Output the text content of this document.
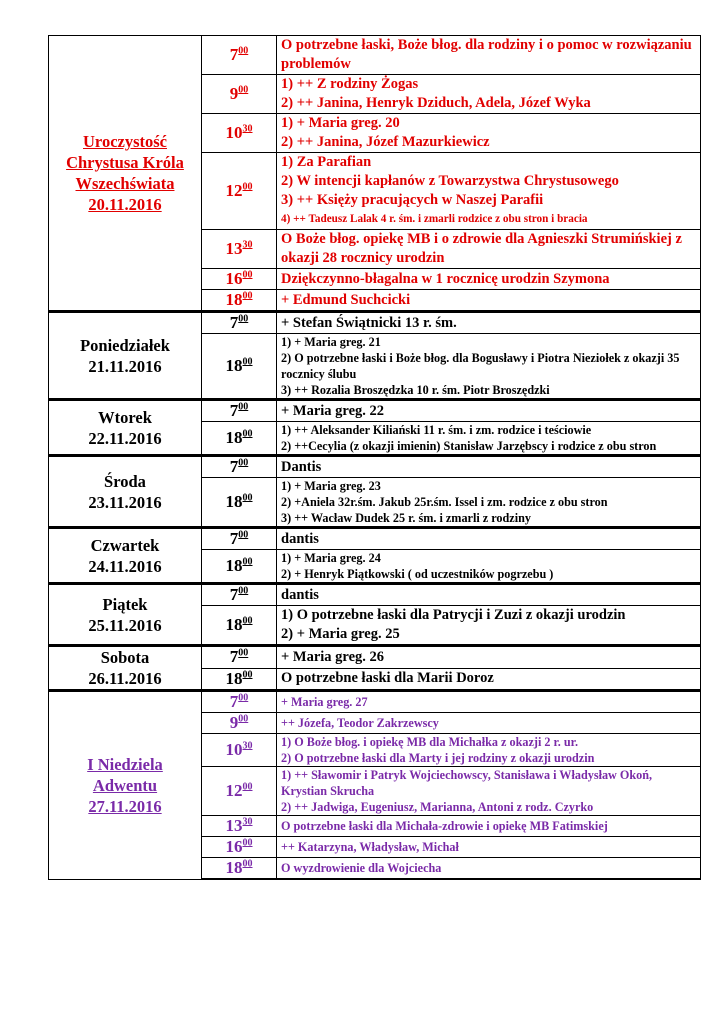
Uroczystość
Chrystusa Króla
Wszechświata
20.11.2016	$7^{00}$	O potrzebne łaski, Boże błog. dla rodziny i o pomoc w rozwiązaniu problemów

	$9^{00}$	1) ++ Z rodziny Żogas
2) ++ Janina, Henryk Dziduch, Adela, Józef Wyka

	$10^{30}$	1) + Maria greg. 20
2) ++ Janina, Józef Mazurkiewicz

	$12^{00}$	1) Za Parafian
2) W intencji kapłanów z Towarzystwa Chrystusowego
3) ++ Księży pracujących w Naszej Parafii
4) ++ Tadeusz Lalak 4 r. śm. i zmarli rodzice z obu stron i bracia

	$13^{30}$	O Boże błog. opiekę MB i o zdrowie dla Agnieszki Strumińskiej z okazji 28 rocznicy urodzin

	$16^{00}$	Dziękczynno-błagalna w 1 rocznicę urodzin Szymona

	$18^{00}$	+ Edmund Suchcicki

Poniedziałek
21.11.2016	$7^{00}$	+ Stefan Świątnicki 13 r. śm.

	$18^{00}$	1) + Maria greg. 21
2) O potrzebne łaski i Boże błog. dla Bogusławy i Piotra Nieziołek z okazji 35 rocznicy ślubu
3) ++ Rozalia Broszędzka 10 r. śm. Piotr Broszędzki

Wtorek
22.11.2016	$7^{00}$	+ Maria greg. 22

	$18^{00}$	1) ++ Aleksander Kiliański 11 r. śm. i zm. rodzice i teściowie
2) ++Cecylia (z okazji imienin) Stanisław Jarzębscy i rodzice z obu stron

Środa
23.11.2016	$7^{00}$	Dantis

	$18^{00}$	1) + Maria greg. 23
2) +Aniela 32r.śm. Jakub 25r.śm. Issel i zm. rodzice z obu stron
3) ++ Wacław Dudek 25 r. śm. i zmarli z rodziny

Czwartek
24.11.2016	$7^{00}$	dantis

	$18^{00}$	1) + Maria greg. 24
2) + Henryk Piątkowski ( od uczestników pogrzebu )

Piątek
25.11.2016	$7^{00}$	dantis

	$18^{00}$	1) O potrzebne łaski dla Patrycji i Zuzi z okazji urodzin
2) + Maria greg. 25

Sobota
26.11.2016	$7^{00}$	+ Maria greg. 26

	$18^{00}$	O potrzebne łaski dla Marii Doroz

I Niedziela
Adwentu
27.11.2016	$7^{00}$	+ Maria greg. 27

	$9^{00}$	++ Józefa, Teodor Zakrzewscy

	$10^{30}$	1) O Boże błog. i opiekę MB dla Michałka z okazji 2 r. ur.
2) O potrzebne łaski dla Marty i jej rodziny z okazji urodzin

	$12^{00}$	1) ++ Sławomir i Patryk Wojciechowscy, Stanisława i Władysław Okoń, Krystian Skrucha
2) ++ Jadwiga, Eugeniusz, Marianna, Antoni z rodz. Czyrko

	$13^{30}$	O potrzebne łaski dla Michała-zdrowie i opiekę MB Fatimskiej

	$16^{00}$	++ Katarzyna, Władysław, Michał

	$18^{00}$	O wyzdrowienie dla Wojciecha
